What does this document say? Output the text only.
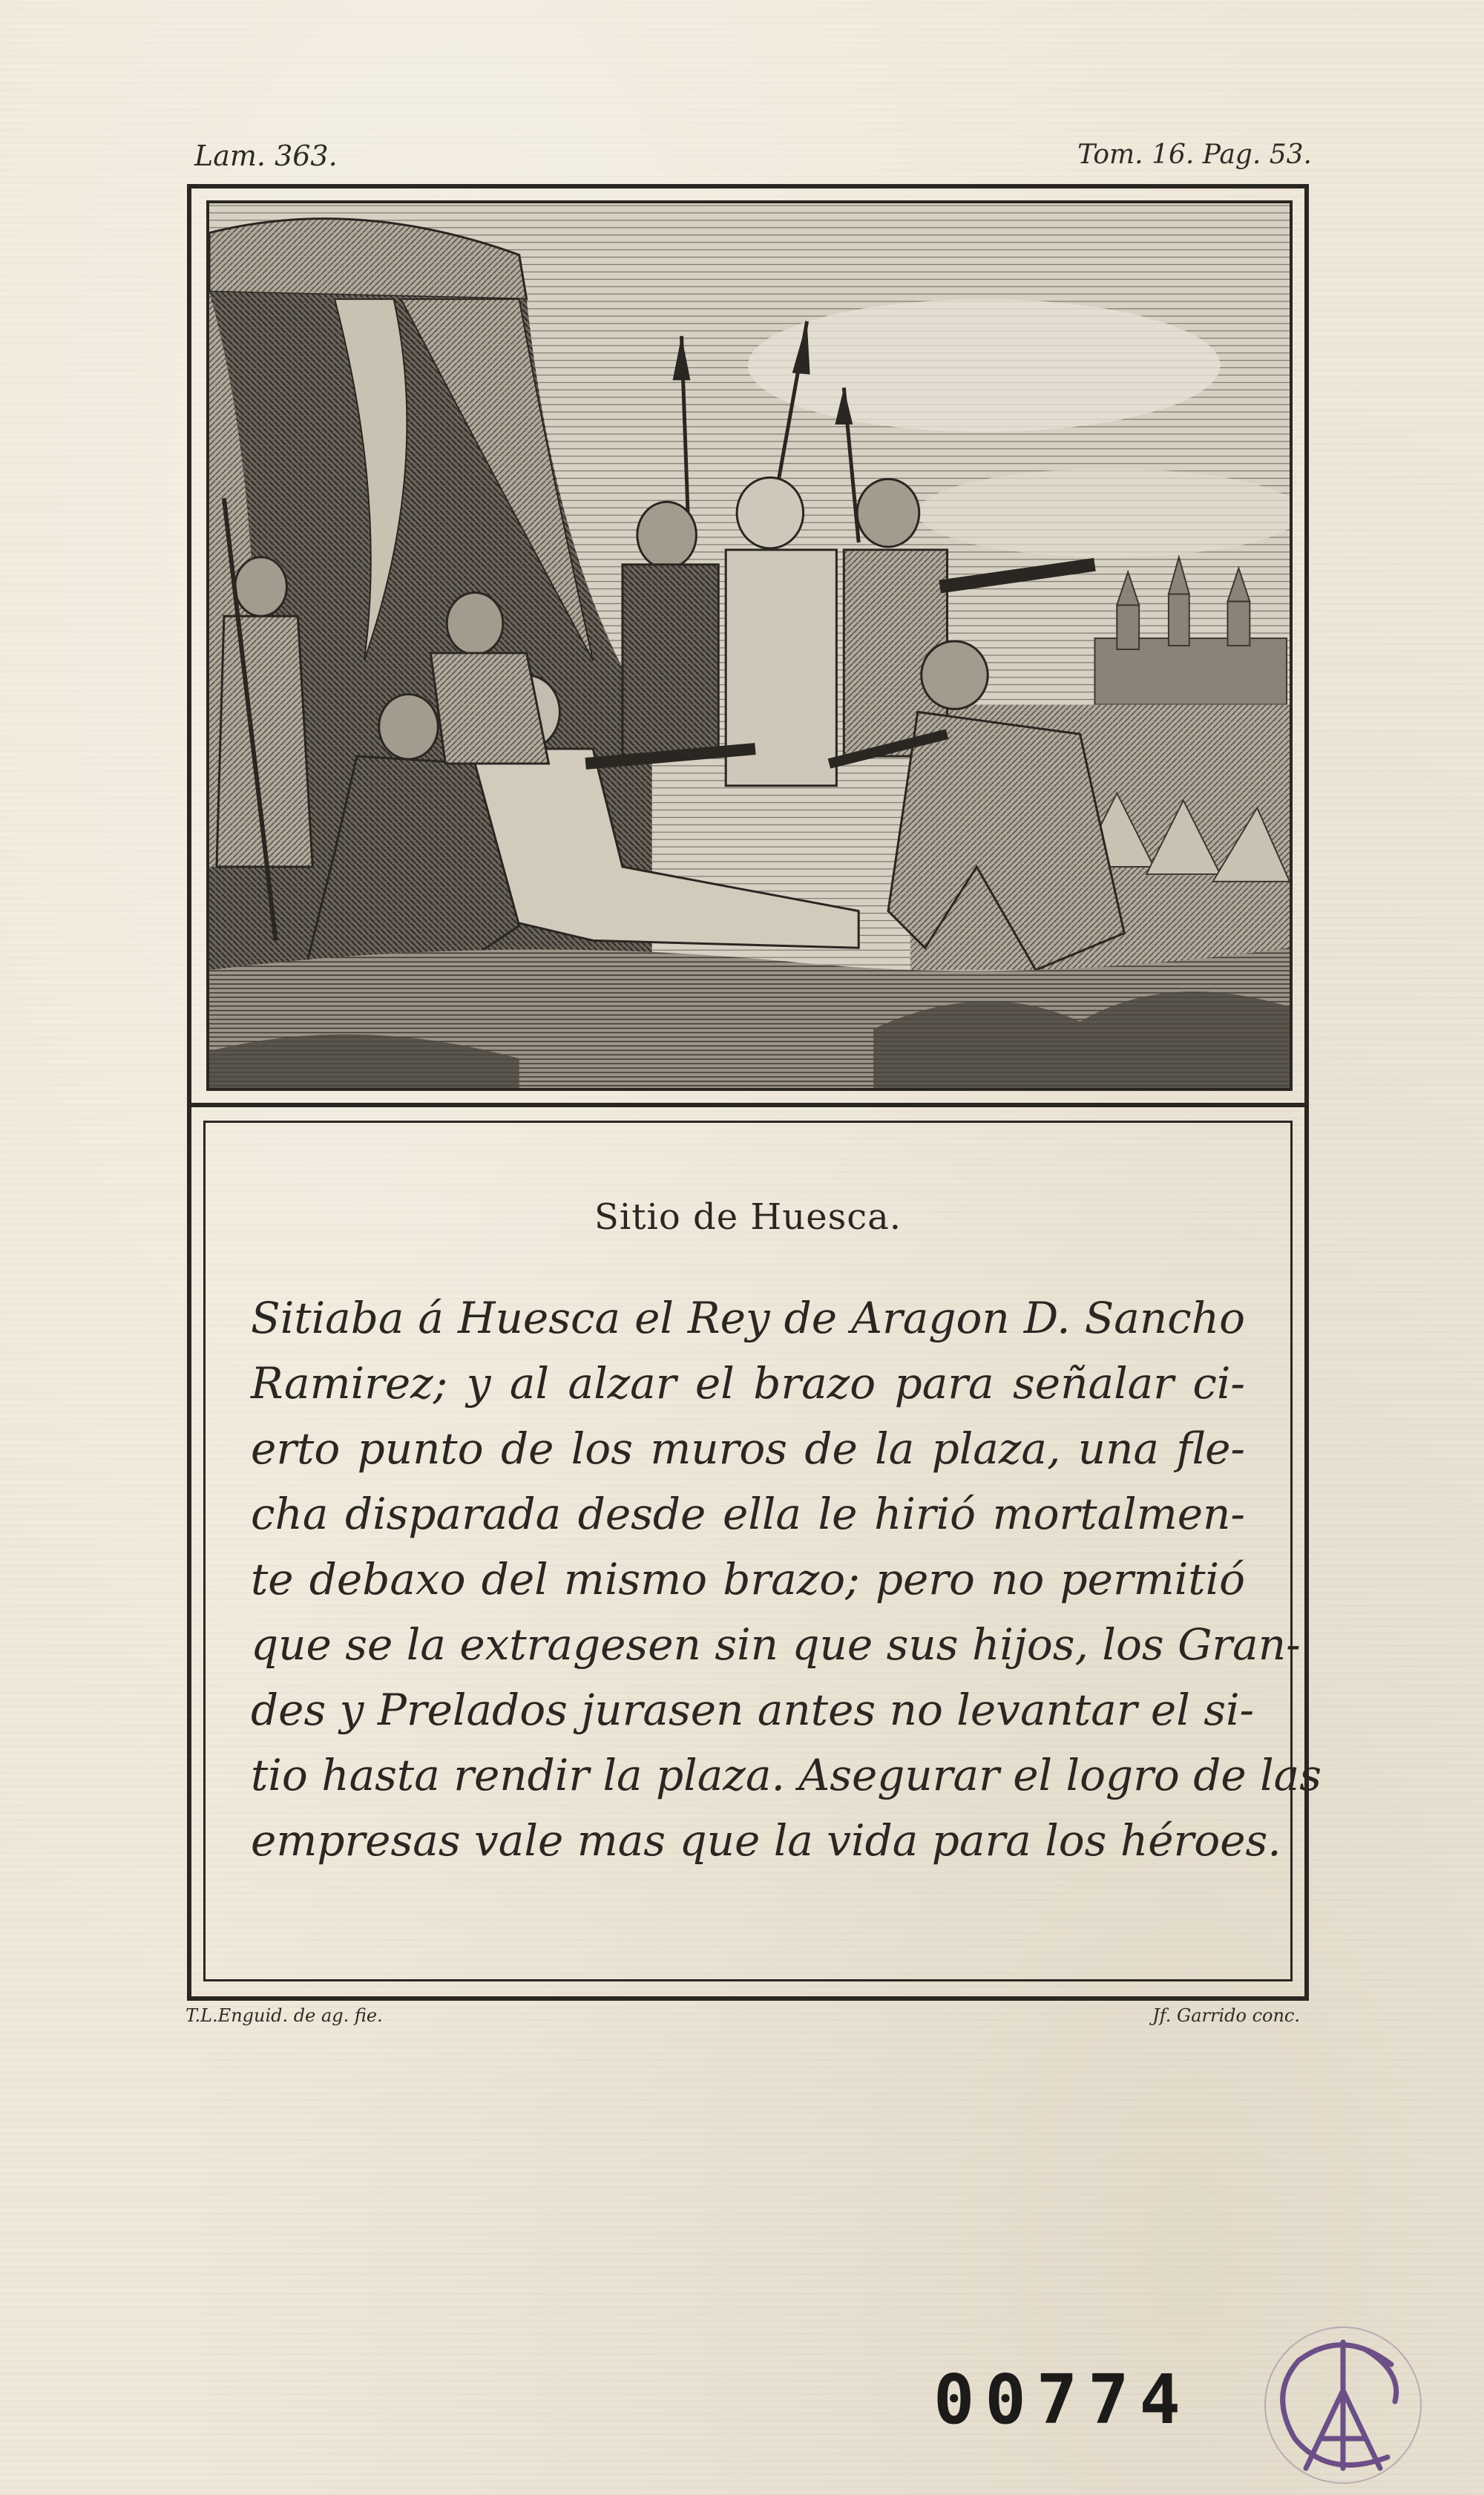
Lam. 363.	Tom. 16. Pag. 53.
Sitio de Huesca.
Sitiaba á Huesca el Rey de Aragon D. Sancho
Ramirez; y al alzar el brazo para señalar ci-
erto punto de los muros de la plaza, una fle-
cha disparada desde ella le hirió mortalmen-
te debaxo del mismo brazo; pero no permitió
que se la extragesen sin que sus hijos, los Gran-
des y Prelados jurasen antes no levantar el si-
tio hasta rendir la plaza. Asegurar el logro de las
empresas vale mas que la vida para los héroes.
T.L.Enguid. de ag. fie.	Jf. Garrido conc.
00774
